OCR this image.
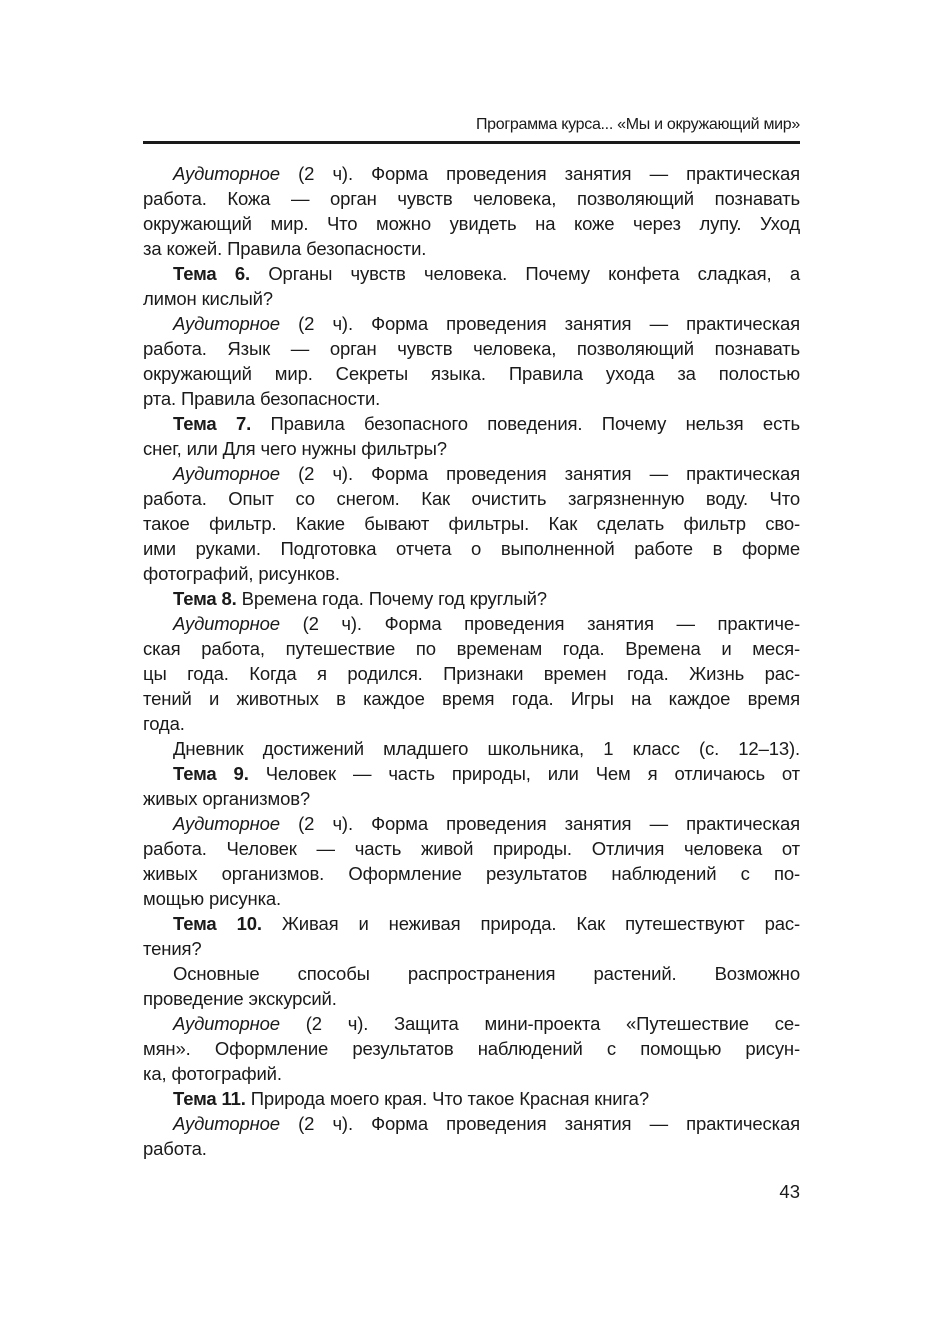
Программа курса... «Мы и окружающий мир»
Аудиторное (2 ч). Форма проведения занятия — практическая
работа. Кожа — орган чувств человека, позволяющий познавать
окружающий мир. Что можно увидеть на коже через лупу. Уход
за кожей. Правила безопасности.
Тема 6. Органы чувств человека. Почему конфета сладкая, а
лимон кислый?
Аудиторное (2 ч). Форма проведения занятия — практическая
работа. Язык — орган чувств человека, позволяющий познавать
окружающий мир. Секреты языка. Правила ухода за полостью
рта. Правила безопасности.
Тема 7. Правила безопасного поведения. Почему нельзя есть
снег, или Для чего нужны фильтры?
Аудиторное (2 ч). Форма проведения занятия — практическая
работа. Опыт со снегом. Как очистить загрязненную воду. Что
такое фильтр. Какие бывают фильтры. Как сделать фильтр сво-
ими руками. Подготовка отчета о выполненной работе в форме
фотографий, рисунков.
Тема 8. Времена года. Почему год круглый?
Аудиторное (2 ч). Форма проведения занятия — практиче-
ская работа, путешествие по временам года. Времена и меся-
цы года. Когда я родился. Признаки времен года. Жизнь рас-
тений и животных в каждое время года. Игры на каждое время
года.
Дневник достижений младшего школьника, 1 класс (с. 12–13).
Тема 9. Человек — часть природы, или Чем я отличаюсь от
живых организмов?
Аудиторное (2 ч). Форма проведения занятия — практическая
работа. Человек — часть живой природы. Отличия человека от
живых организмов. Оформление результатов наблюдений с по-
мощью рисунка.
Тема 10. Живая и неживая природа. Как путешествуют рас-
тения?
Основные способы распространения растений. Возможно
проведение экскурсий.
Аудиторное (2 ч). Защита мини-проекта «Путешествие се-
мян». Оформление результатов наблюдений с помощью рисун-
ка, фотографий.
Тема 11. Природа моего края. Что такое Красная книга?
Аудиторное (2 ч). Форма проведения занятия — практическая
работа.
43
